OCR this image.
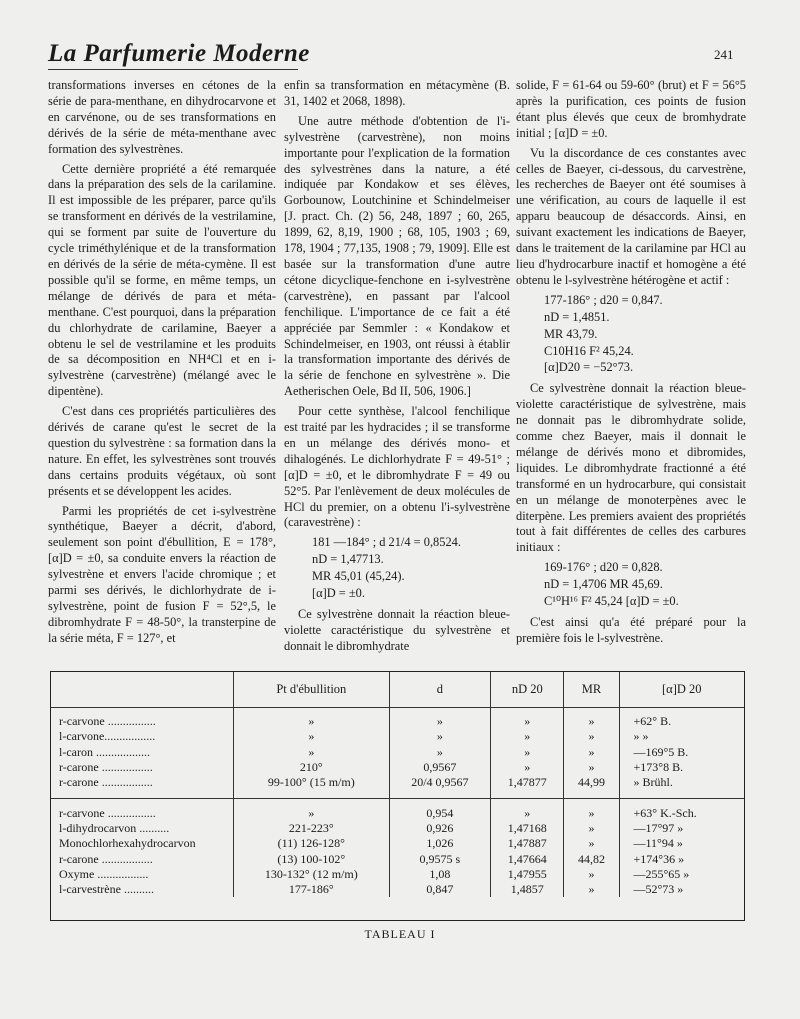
La Parfumerie Moderne	241

transformations inverses en cétones de la série de para-menthane, en dihydrocarvone et en carvénone, ou de ses transformations en dérivés de la série de méta-menthane avec formation des sylvestrènes.

Cette dernière propriété a été remarquée dans la préparation des sels de la carilamine. Il est impossible de les préparer, parce qu'ils se transforment en dérivés de la vestrilamine, qui se forment par suite de l'ouverture du cycle triméthylénique et de la transformation en dérivés de la série de méta-cymène. Il est possible qu'il se forme, en même temps, un mélange de dérivés de para et méta-menthane. C'est pourquoi, dans la préparation du chlorhydrate de carilamine, Baeyer a obtenu le sel de vestrilamine et les produits de sa décomposition en NH⁴Cl et en i-sylvestrène (carvestrène) (mélangé avec le dipentène).

C'est dans ces propriétés particulières des dérivés de carane qu'est le secret de la question du sylvestrène : sa formation dans la nature. En effet, les sylvestrènes sont trouvés dans certains produits végétaux, où sont présents et se développent les acides.

Parmi les propriétés de cet i-sylvestrène synthétique, Baeyer a décrit, d'abord, seulement son point d'ébullition, E = 178°, [α]D = ±0, sa conduite envers la réaction de sylvestrène et envers l'acide chromique ; et parmi ses dérivés, le dichlorhydrate de i-sylvestrène, point de fusion F = 52°,5, le dibromhydrate F = 48-50°, la transterpine de la série méta, F = 127°, et

enfin sa transformation en métacymène (B. 31, 1402 et 2068, 1898).

Une autre méthode d'obtention de l'i-sylvestrène (carvestrène), non moins importante pour l'explication de la formation des sylvestrènes dans la nature, a été indiquée par Kondakow et ses élèves, Gorbounow, Loutchinine et Schindelmeiser [J. pract. Ch. (2) 56, 248, 1897 ; 60, 265, 1899, 62, 8,19, 1900 ; 68, 105, 1903 ; 69, 178, 1904 ; 77,135, 1908 ; 79, 1909]. Elle est basée sur la transformation d'une autre cétone dicyclique-fenchone en i-sylvestrène (carvestrène), en passant par l'alcool fenchilique. L'importance de ce fait a été appréciée par Semmler : « Kondakow et Schindelmeiser, en 1903, ont réussi à établir la transformation importante des dérivés de la série de fenchone en sylvestrène ». Die Aetherischen Oele, Bd II, 506, 1906.]

Pour cette synthèse, l'alcool fenchilique est traité par les hydracides ; il se transforme en un mélange des dérivés mono- et dihalogénés. Le dichlorhydrate F = 49-51° ; [α]D = ±0, et le dibromhydrate F = 49 ou 52°5. Par l'enlèvement de deux molécules de HCl du premier, on a obtenu l'i-sylvestrène (caravestrène) :

181 —184° ; d 21/4 = 0,8524.
nD = 1,47713.
MR 45,01 (45,24).
[α]D = ±0.

Ce sylvestrène donnait la réaction bleue-violette caractéristique du sylvestrène et donnait le dibromhydrate

solide, F = 61-64 ou 59-60° (brut) et F = 56°5 après la purification, ces points de fusion étant plus élevés que ceux de bromhydrate initial ; [α]D = ±0.

Vu la discordance de ces constantes avec celles de Baeyer, ci-dessous, du carvestrène, les recherches de Baeyer ont été soumises à une vérification, au cours de laquelle il est apparu beaucoup de désaccords. Ainsi, en suivant exactement les indications de Baeyer, dans le traitement de la carilamine par HCl au lieu d'hydrocarbure inactif et homogène a été obtenu le l-sylvestrène hétérogène et actif :

177-186° ; d20 = 0,847.
nD = 1,4851.
MR 43,79.
C10H16 F² 45,24.
[α]D20 = −52°73.

Ce sylvestrène donnait la réaction bleue-violette caractéristique de sylvestrène, mais ne donnait pas le dibromhydrate solide, comme chez Baeyer, mais il donnait le mélange de dérivés mono et dibromides, liquides. Le dibromhydrate fractionné a été transformé en un hydrocarbure, qui consistait en un mélange de monoterpènes avec le diterpène. Les premiers avaient des propriétés tout à fait différentes de celles des carbures initiaux :

169-176° ; d20 = 0,828.
nD = 1,4706 MR 45,69.
C¹⁰H¹⁶ F² 45,24 [α]D = ±0.

C'est ainsi qu'a été préparé pour la première fois le l-sylvestrène.

	Pt d'ébullition	d	nD 20	MR	[α]D 20

r-carvone ................	»	»	»	»	+62° B.
l-carvone.................	»	»	»	»	» »
l-caron ..................	»	»	»	»	—169°5 B.
r-carone .................	210°	0,9567	»	»	+173°8 B.
r-carone .................	99-100° (15 m/m)	20/4 0,9567	1,47877	44,99	» Brühl.

r-carvone ................	»	0,954	»	»	+63° K.-Sch.
l-dihydrocarvon ..........	221-223°	0,926	1,47168	»	—17°97 »
Monochlorhexahydrocarvon	(11) 126-128°	1,026	1,47887	»	—11°94 »
r-carone .................	(13) 100-102°	0,9575 s	1,47664	44,82	+174°36 »
Oxyme .................	130-132° (12 m/m)	1,08	1,47955	»	—255°65 »
l-carvestrène ..........	177-186°	0,847	1,4857	»	—52°73 »
TABLEAU I
